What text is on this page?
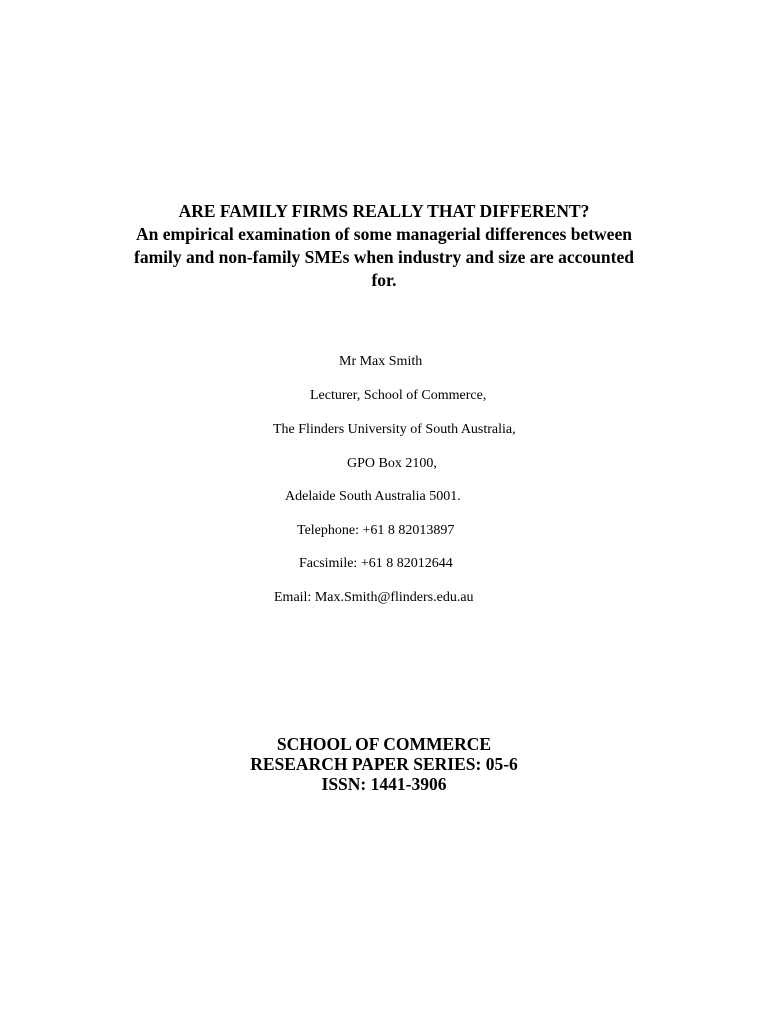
ARE FAMILY FIRMS REALLY THAT DIFFERENT?
An empirical examination of some managerial differences between
family and non-family SMEs when industry and size are accounted
for.
Mr Max Smith
Lecturer, School of Commerce,
The Flinders University of South Australia,
GPO Box 2100,
Adelaide South Australia 5001.
Telephone: +61 8 82013897
Facsimile: +61 8 82012644
Email: Max.Smith@flinders.edu.au
SCHOOL OF COMMERCE
RESEARCH PAPER SERIES: 05-6
ISSN: 1441-3906
